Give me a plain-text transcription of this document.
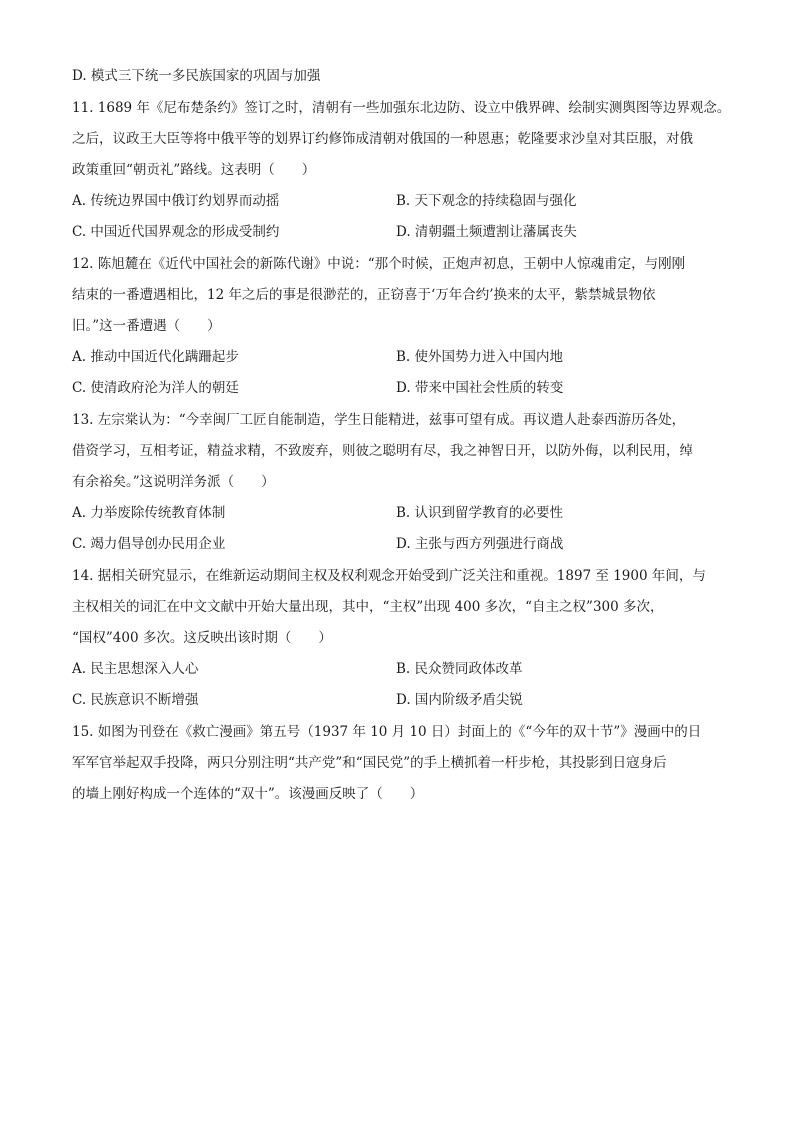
D. 模式三下统一多民族国家的巩固与加强
11. 1689 年《尼布楚条约》签订之时，清朝有一些加强东北边防、设立中俄界碑、绘制实测舆图等边界观念。
之后，议政王大臣等将中俄平等的划界订约修饰成清朝对俄国的一种恩惠；乾隆要求沙皇对其臣服，对俄
政策重回“朝贡礼”路线。这表明（　　）
A. 传统边界国中俄订约划界而动摇	B. 天下观念的持续稳固与强化
C. 中国近代国界观念的形成受制约	D. 清朝疆土频遭割让藩属丧失
12. 陈旭麓在《近代中国社会的新陈代谢》中说：“那个时候，正炮声初息，王朝中人惊魂甫定，与刚刚
结束的一番遭遇相比，12 年之后的事是很渺茫的，正窃喜于‘万年合约’换来的太平，紫禁城景物依
旧。”这一番遭遇（　　）
A. 推动中国近代化蹒跚起步	B. 使外国势力进入中国内地
C. 使清政府沦为洋人的朝廷	D. 带来中国社会性质的转变
13. 左宗棠认为：“今幸闽厂工匠自能制造，学生日能精进，兹事可望有成。再议遣人赴泰西游历各处，
借资学习，互相考证，精益求精，不致废弃，则彼之聪明有尽，我之神智日开，以防外侮，以利民用，绰
有余裕矣。”这说明洋务派（　　）
A. 力举废除传统教育体制	B. 认识到留学教育的必要性
C. 竭力倡导创办民用企业	D. 主张与西方列强进行商战
14. 据相关研究显示，在维新运动期间主权及权利观念开始受到广泛关注和重视。1897 至 1900 年间，与
主权相关的词汇在中文文献中开始大量出现，其中，“主权”出现 400 多次，“自主之权”300 多次，
“国权”400 多次。这反映出该时期（　　）
A. 民主思想深入人心	B. 民众赞同政体改革
C. 民族意识不断增强	D. 国内阶级矛盾尖锐
15. 如图为刊登在《救亡漫画》第五号（1937 年 10 月 10 日）封面上的《“今年的双十节”》漫画中的日
军军官举起双手投降，两只分别注明“共产党”和“国民党”的手上横抓着一杆步枪，其投影到日寇身后
的墙上刚好构成一个连体的“双十”。该漫画反映了（　　）
